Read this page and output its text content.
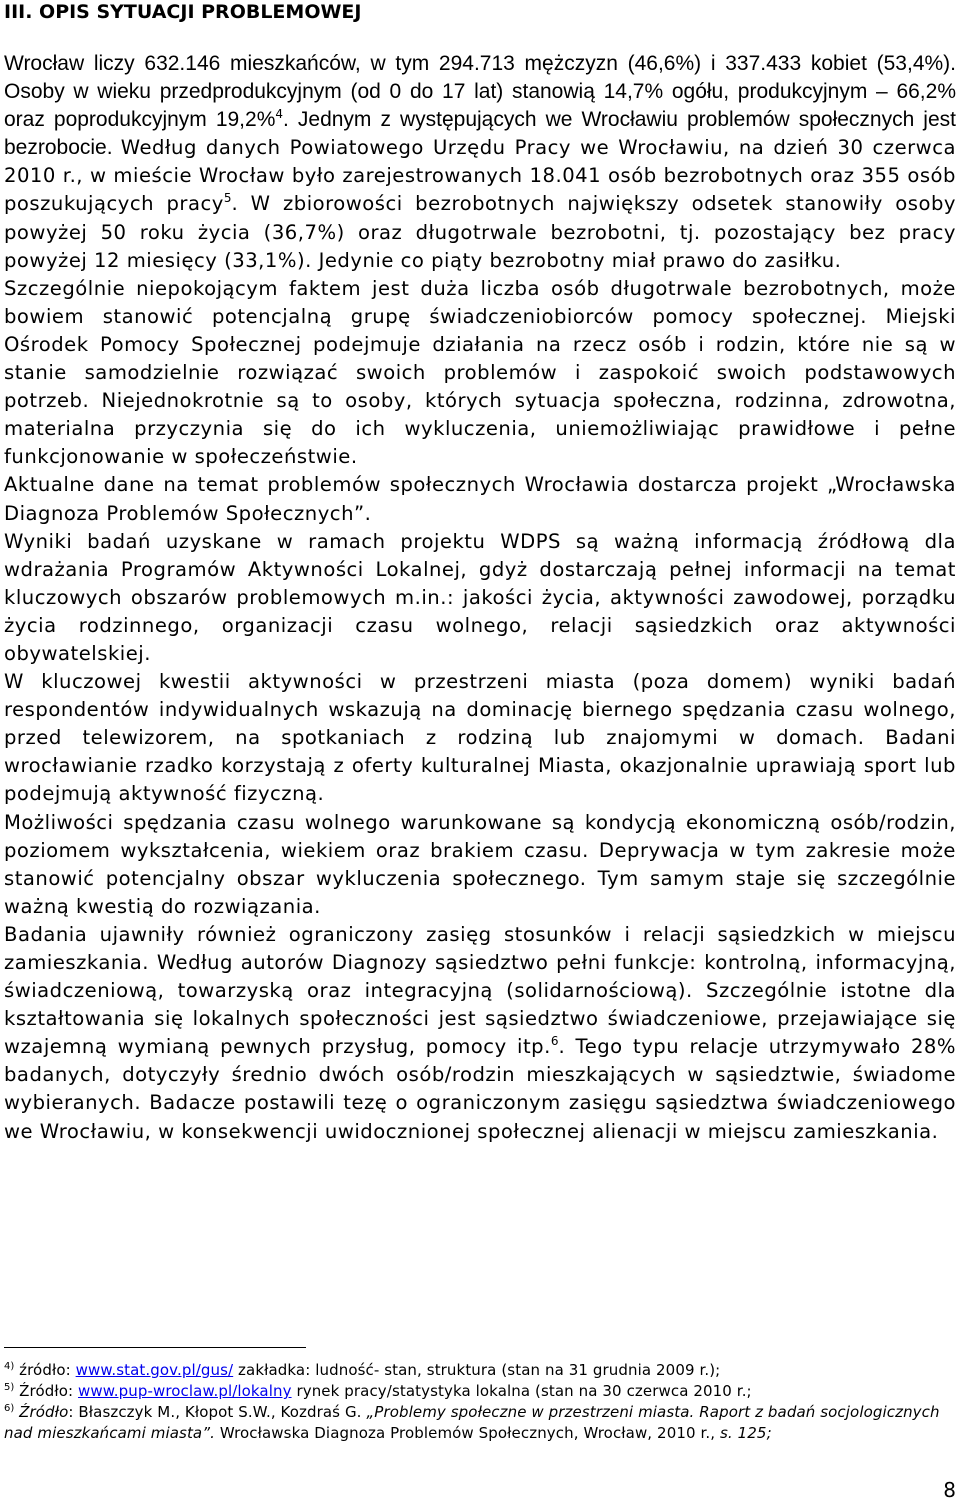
III. OPIS SYTUACJI PROBLEMOWEJ

Wrocław liczy 632.146 mieszkańców, w tym 294.713 mężczyzn (46,6%) i 337.433 kobiet (53,4%). Osoby w wieku przedprodukcyjnym (od 0 do 17 lat) stanowią 14,7% ogółu, produkcyjnym – 66,2% oraz poprodukcyjnym 19,2%$^4$. Jednym z występujących we Wrocławiu problemów społecznych jest bezrobocie. Według danych Powiatowego Urzędu Pracy we Wrocławiu, na dzień 30 czerwca 2010 r., w mieście Wrocław było zarejestrowanych 18.041 osób bezrobotnych oraz 355 osób poszukujących pracy$^5$. W zbiorowości bezrobotnych największy odsetek stanowiły osoby powyżej 50 roku życia (36,7%) oraz długotrwale bezrobotni, tj. pozostający bez pracy powyżej 12 miesięcy (33,1%). Jedynie co piąty bezrobotny miał prawo do zasiłku.

Szczególnie niepokojącym faktem jest duża liczba osób długotrwale bezrobotnych, może bowiem stanowić potencjalną grupę świadczeniobiorców pomocy społecznej. Miejski Ośrodek Pomocy Społecznej podejmuje działania na rzecz osób i rodzin, które nie są w stanie samodzielnie rozwiązać swoich problemów i zaspokoić swoich podstawowych potrzeb. Niejednokrotnie są to osoby, których sytuacja społeczna, rodzinna, zdrowotna, materialna przyczynia się do ich wykluczenia, uniemożliwiając prawidłowe i pełne funkcjonowanie w społeczeństwie.

Aktualne dane na temat problemów społecznych Wrocławia dostarcza projekt „Wrocławska Diagnoza Problemów Społecznych”.

Wyniki badań uzyskane w ramach projektu WDPS są ważną informacją źródłową dla wdrażania Programów Aktywności Lokalnej, gdyż dostarczają pełnej informacji na temat kluczowych obszarów problemowych m.in.: jakości życia, aktywności zawodowej, porządku życia rodzinnego, organizacji czasu wolnego, relacji sąsiedzkich oraz aktywności obywatelskiej.

W kluczowej kwestii aktywności w przestrzeni miasta (poza domem) wyniki badań respondentów indywidualnych wskazują na dominację biernego spędzania czasu wolnego, przed telewizorem, na spotkaniach z rodziną lub znajomymi w domach. Badani wrocławianie rzadko korzystają z oferty kulturalnej Miasta, okazjonalnie uprawiają sport lub podejmują aktywność fizyczną.

Możliwości spędzania czasu wolnego warunkowane są kondycją ekonomiczną osób/rodzin, poziomem wykształcenia, wiekiem oraz brakiem czasu. Deprywacja w tym zakresie może stanowić potencjalny obszar wykluczenia społecznego. Tym samym staje się szczególnie ważną kwestią do rozwiązania.

Badania ujawniły również ograniczony zasięg stosunków i relacji sąsiedzkich w miejscu zamieszkania. Według autorów Diagnozy sąsiedztwo pełni funkcje: kontrolną, informacyjną, świadczeniową, towarzyską oraz integracyjną (solidarnościową). Szczególnie istotne dla kształtowania się lokalnych społeczności jest sąsiedztwo świadczeniowe, przejawiające się wzajemną wymianą pewnych przysług, pomocy itp.$^6$. Tego typu relacje utrzymywało 28% badanych, dotyczyły średnio dwóch osób/rodzin mieszkających w sąsiedztwie, świadome wybieranych. Badacze postawili tezę o ograniczonym zasięgu sąsiedztwa świadczeniowego we Wrocławiu, w konsekwencji uwidocznionej społecznej alienacji w miejscu zamieszkania.

$^{4)}$ źródło: www.stat.gov.pl/gus/ zakładka: ludność- stan, struktura (stan na 31 grudnia 2009 r.);

$^{5)}$ Źródło: www.pup-wroclaw.pl/lokalny rynek pracy/statystyka lokalna (stan na 30 czerwca 2010 r.;

$^{6)}$ Źródło: Błaszczyk M., Kłopot S.W., Kozdraś G. „Problemy społeczne w przestrzeni miasta. Raport z badań socjologicznych nad mieszkańcami miasta”. Wrocławska Diagnoza Problemów Społecznych, Wrocław, 2010 r., s. 125;

8
